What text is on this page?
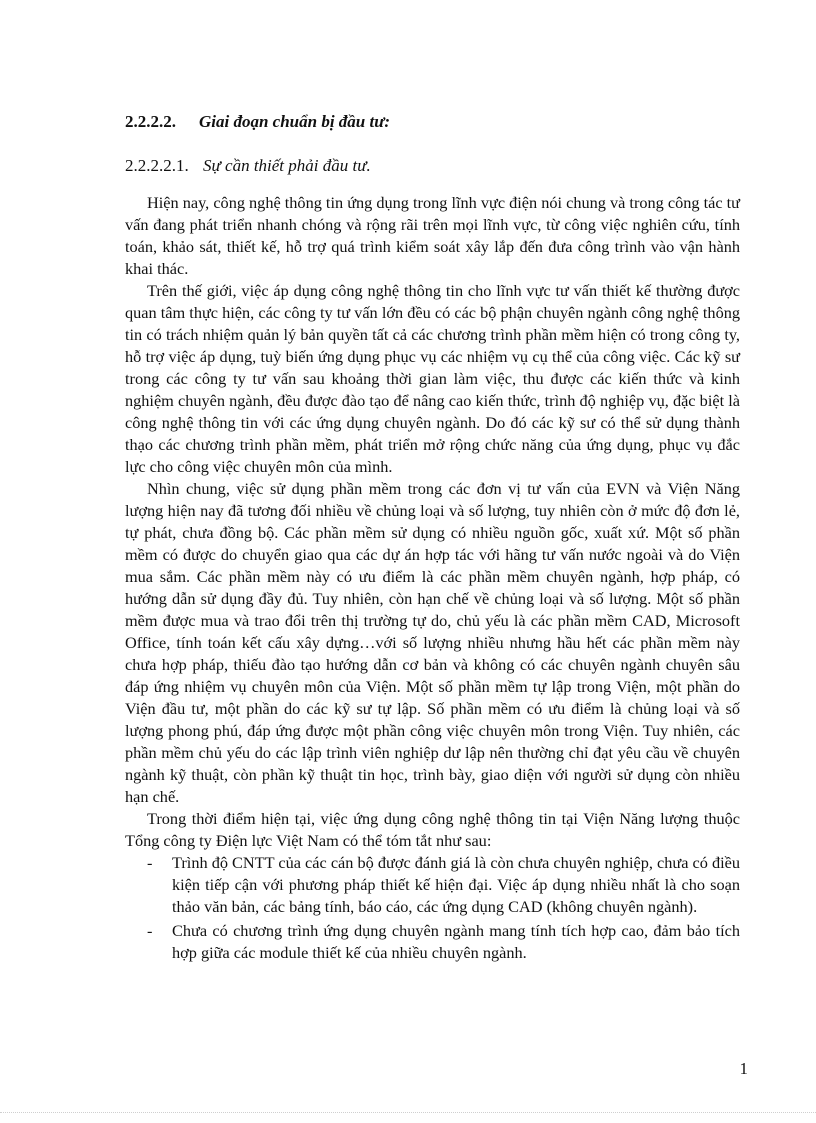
2.2.2.2. Giai đoạn chuẩn bị đầu tư:
2.2.2.2.1. Sự cần thiết phải đầu tư.

Hiện nay, công nghệ thông tin ứng dụng trong lĩnh vực điện nói chung và trong công tác tư vấn đang phát triển nhanh chóng và rộng rãi trên mọi lĩnh vực, từ công việc nghiên cứu, tính toán, khảo sát, thiết kế, hỗ trợ quá trình kiểm soát xây lắp đến đưa công trình vào vận hành khai thác.

Trên thế giới, việc áp dụng công nghệ thông tin cho lĩnh vực tư vấn thiết kế thường được quan tâm thực hiện, các công ty tư vấn lớn đều có các bộ phận chuyên ngành công nghệ thông tin có trách nhiệm quản lý bản quyền tất cả các chương trình phần mềm hiện có trong công ty, hỗ trợ việc áp dụng, tuỳ biến ứng dụng phục vụ các nhiệm vụ cụ thể của công việc. Các kỹ sư trong các công ty tư vấn sau khoảng thời gian làm việc, thu được các kiến thức và kinh nghiệm chuyên ngành, đều được đào tạo để nâng cao kiến thức, trình độ nghiệp vụ, đặc biệt là công nghệ thông tin với các ứng dụng chuyên ngành. Do đó các kỹ sư có thể sử dụng thành thạo các chương trình phần mềm, phát triển mở rộng chức năng của ứng dụng, phục vụ đắc lực cho công việc chuyên môn của mình.

Nhìn chung, việc sử dụng phần mềm trong các đơn vị tư vấn của EVN và Viện Năng lượng hiện nay đã tương đối nhiều về chủng loại và số lượng, tuy nhiên còn ở mức độ đơn lẻ, tự phát, chưa đồng bộ. Các phần mềm sử dụng có nhiều nguồn gốc, xuất xứ. Một số phần mềm có được do chuyển giao qua các dự án hợp tác với hãng tư vấn nước ngoài và do Viện mua sắm. Các phần mềm này có ưu điểm là các phần mềm chuyên ngành, hợp pháp, có hướng dẫn sử dụng đầy đủ. Tuy nhiên, còn hạn chế về chủng loại và số lượng. Một số phần mềm được mua và trao đổi trên thị trường tự do, chủ yếu là các phần mềm CAD, Microsoft Office, tính toán kết cấu xây dựng…với số lượng nhiều nhưng hầu hết các phần mềm này chưa hợp pháp, thiếu đào tạo hướng dẫn cơ bản và không có các chuyên ngành chuyên sâu đáp ứng nhiệm vụ chuyên môn của Viện. Một số phần mềm tự lập trong Viện, một phần do Viện đầu tư, một phần do các kỹ sư tự lập. Số phần mềm có ưu điểm là chủng loại và số lượng phong phú, đáp ứng được một phần công việc chuyên môn trong Viện. Tuy nhiên, các phần mềm chủ yếu do các lập trình viên nghiệp dư lập nên thường chỉ đạt yêu cầu về chuyên ngành kỹ thuật, còn phần kỹ thuật tin học, trình bày, giao diện với người sử dụng còn nhiều hạn chế.

Trong thời điểm hiện tại, việc ứng dụng công nghệ thông tin tại Viện Năng lượng thuộc Tổng công ty Điện lực Việt Nam có thể tóm tắt như sau:

- Trình độ CNTT của các cán bộ được đánh giá là còn chưa chuyên nghiệp, chưa có điều kiện tiếp cận với phương pháp thiết kế hiện đại. Việc áp dụng nhiều nhất là cho soạn thảo văn bản, các bảng tính, báo cáo, các ứng dụng CAD (không chuyên ngành).
- Chưa có chương trình ứng dụng chuyên ngành mang tính tích hợp cao, đảm bảo tích hợp giữa các module thiết kế của nhiều chuyên ngành.
1
